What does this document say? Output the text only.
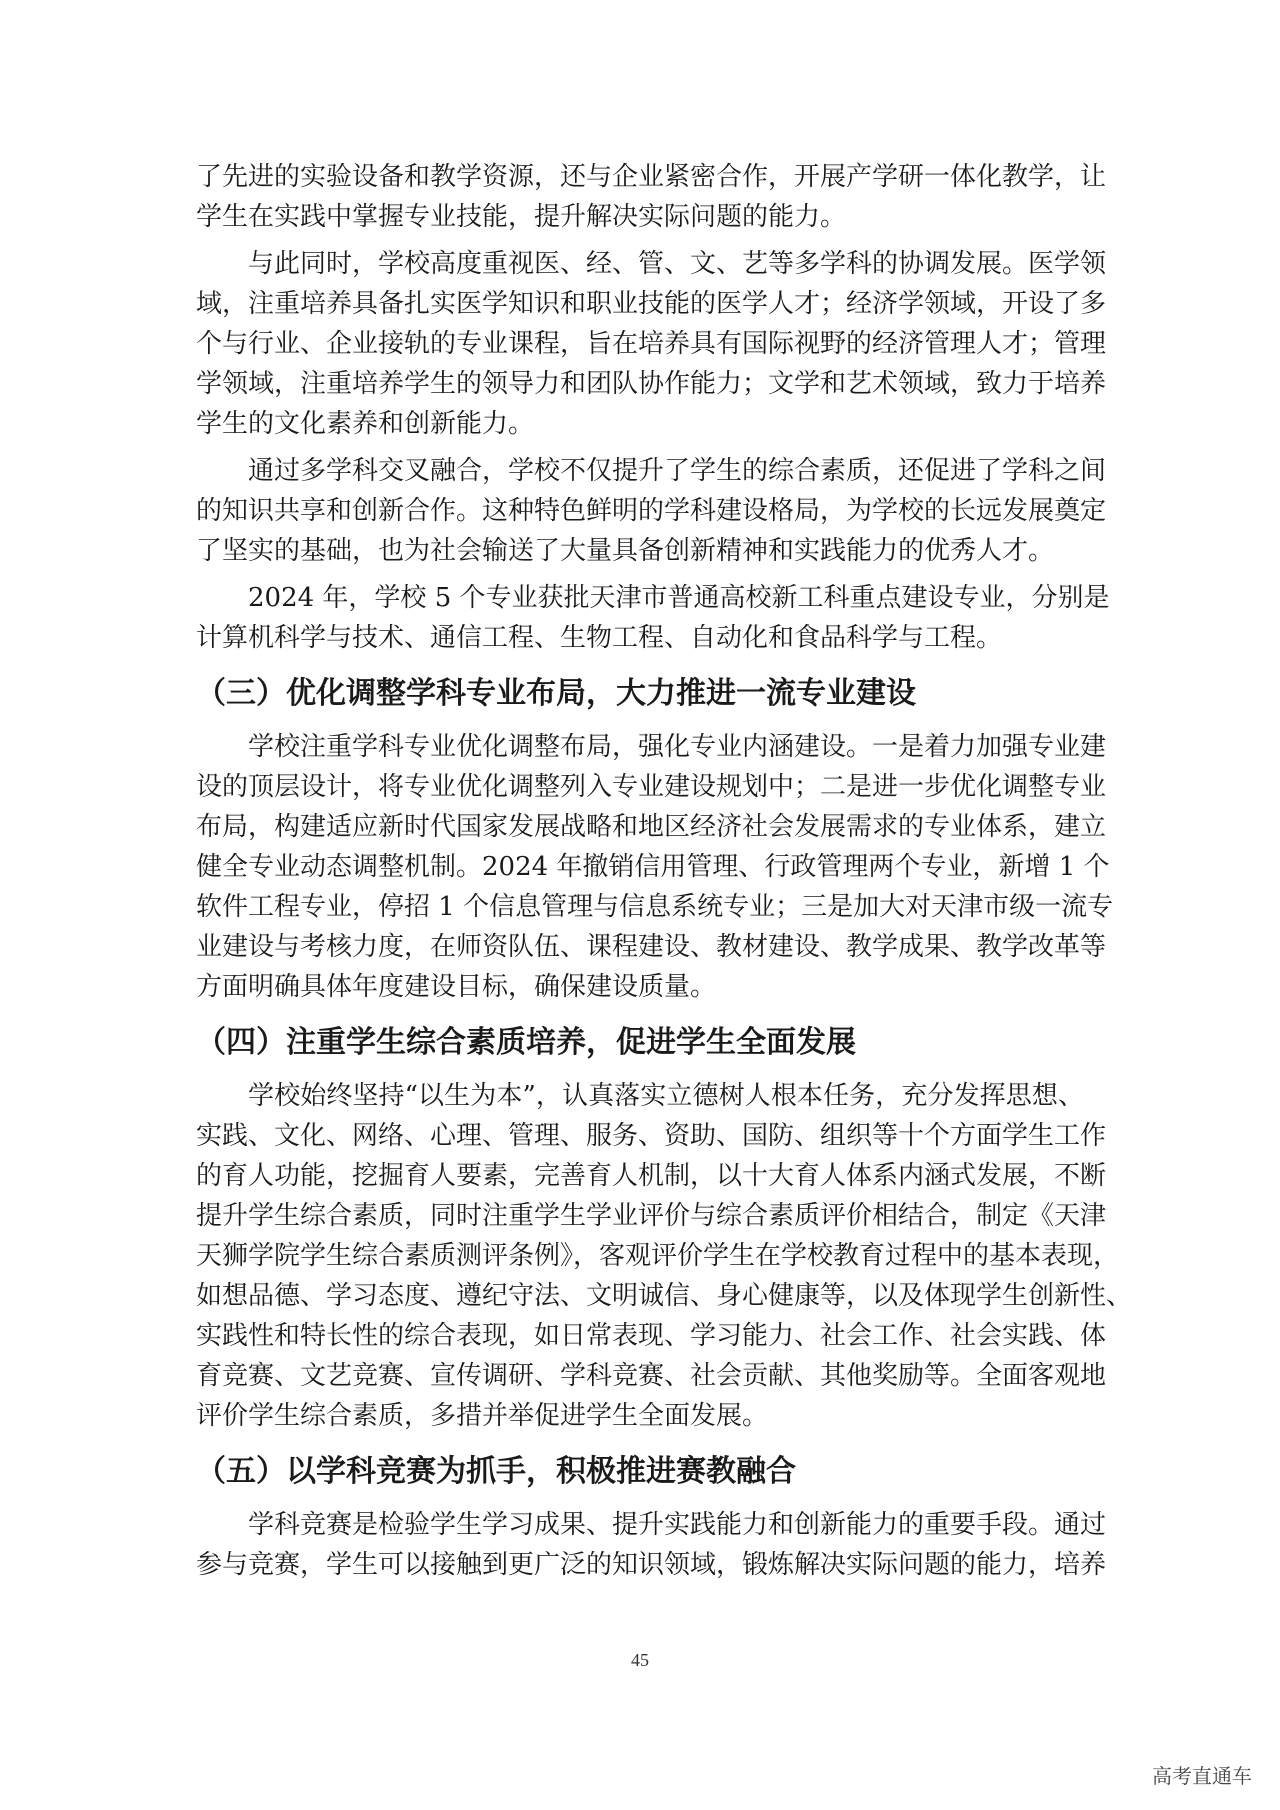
了先进的实验设备和教学资源，还与企业紧密合作，开展产学研一体化教学，让
学生在实践中掌握专业技能，提升解决实际问题的能力。
与此同时，学校高度重视医、经、管、文、艺等多学科的协调发展。医学领
域，注重培养具备扎实医学知识和职业技能的医学人才；经济学领域，开设了多
个与行业、企业接轨的专业课程，旨在培养具有国际视野的经济管理人才；管理
学领域，注重培养学生的领导力和团队协作能力；文学和艺术领域，致力于培养
学生的文化素养和创新能力。
通过多学科交叉融合，学校不仅提升了学生的综合素质，还促进了学科之间
的知识共享和创新合作。这种特色鲜明的学科建设格局，为学校的长远发展奠定
了坚实的基础，也为社会输送了大量具备创新精神和实践能力的优秀人才。
2024 年，学校 5 个专业获批天津市普通高校新工科重点建设专业，分别是
计算机科学与技术、通信工程、生物工程、自动化和食品科学与工程。
（三）优化调整学科专业布局，大力推进一流专业建设
学校注重学科专业优化调整布局，强化专业内涵建设。一是着力加强专业建
设的顶层设计，将专业优化调整列入专业建设规划中；二是进一步优化调整专业
布局，构建适应新时代国家发展战略和地区经济社会发展需求的专业体系，建立
健全专业动态调整机制。2024 年撤销信用管理、行政管理两个专业，新增 1 个
软件工程专业，停招 1 个信息管理与信息系统专业；三是加大对天津市级一流专
业建设与考核力度，在师资队伍、课程建设、教材建设、教学成果、教学改革等
方面明确具体年度建设目标，确保建设质量。
（四）注重学生综合素质培养，促进学生全面发展
学校始终坚持“以生为本”，认真落实立德树人根本任务，充分发挥思想、
实践、文化、网络、心理、管理、服务、资助、国防、组织等十个方面学生工作
的育人功能，挖掘育人要素，完善育人机制，以十大育人体系内涵式发展，不断
提升学生综合素质，同时注重学生学业评价与综合素质评价相结合，制定《天津
天狮学院学生综合素质测评条例》，客观评价学生在学校教育过程中的基本表现，
如想品德、学习态度、遵纪守法、文明诚信、身心健康等，以及体现学生创新性、
实践性和特长性的综合表现，如日常表现、学习能力、社会工作、社会实践、体
育竞赛、文艺竞赛、宣传调研、学科竞赛、社会贡献、其他奖励等。全面客观地
评价学生综合素质，多措并举促进学生全面发展。
（五）以学科竞赛为抓手，积极推进赛教融合
学科竞赛是检验学生学习成果、提升实践能力和创新能力的重要手段。通过
参与竞赛，学生可以接触到更广泛的知识领域，锻炼解决实际问题的能力，培养
45
高考直通车
